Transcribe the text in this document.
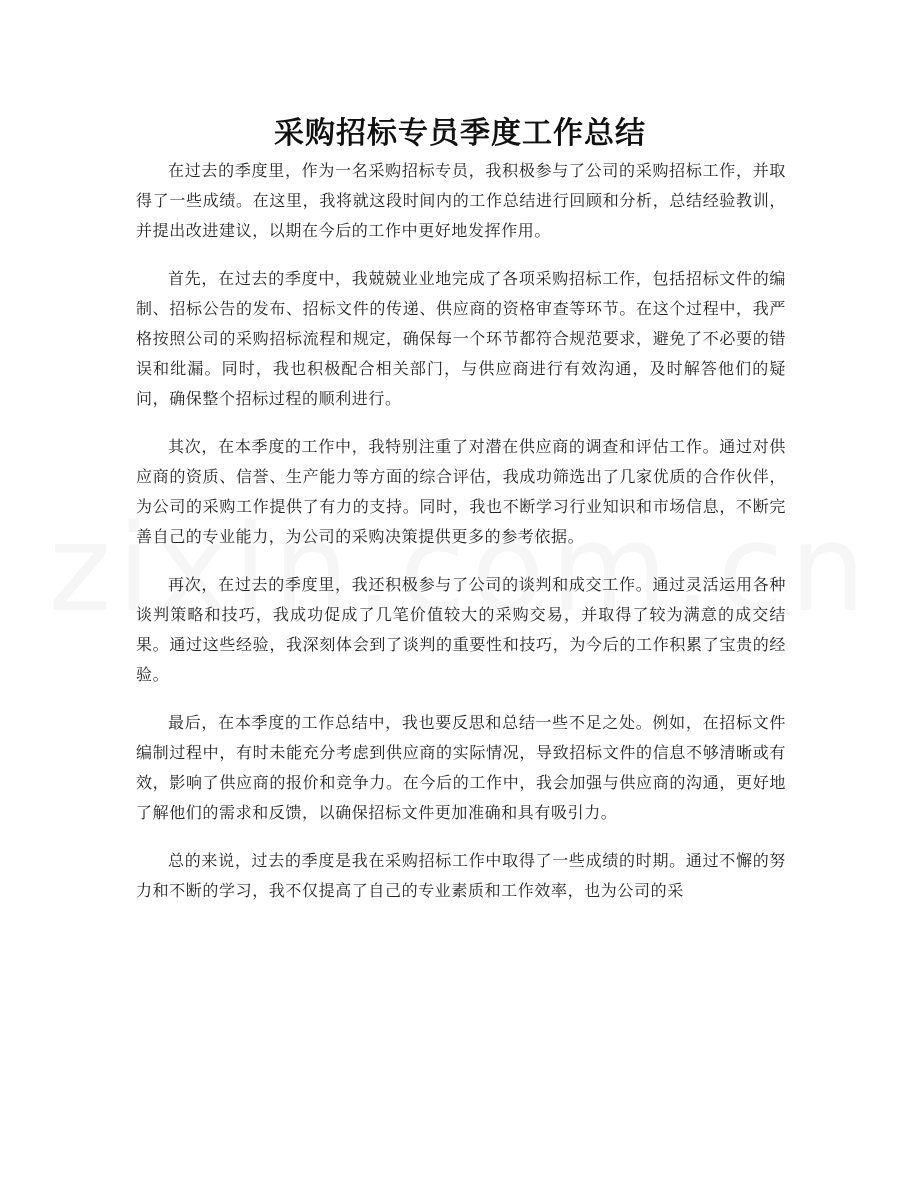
采购招标专员季度工作总结

在过去的季度里，作为一名采购招标专员，我积极参与了公司的采购招标工作，并取得了一些成绩。在这里，我将就这段时间内的工作总结进行回顾和分析，总结经验教训，并提出改进建议，以期在今后的工作中更好地发挥作用。

首先，在过去的季度中，我兢兢业业地完成了各项采购招标工作，包括招标文件的编制、招标公告的发布、招标文件的传递、供应商的资格审查等环节。在这个过程中，我严格按照公司的采购招标流程和规定，确保每一个环节都符合规范要求，避免了不必要的错误和纰漏。同时，我也积极配合相关部门，与供应商进行有效沟通，及时解答他们的疑问，确保整个招标过程的顺利进行。

其次，在本季度的工作中，我特别注重了对潜在供应商的调查和评估工作。通过对供应商的资质、信誉、生产能力等方面的综合评估，我成功筛选出了几家优质的合作伙伴，为公司的采购工作提供了有力的支持。同时，我也不断学习行业知识和市场信息，不断完善自己的专业能力，为公司的采购决策提供更多的参考依据。

再次，在过去的季度里，我还积极参与了公司的谈判和成交工作。通过灵活运用各种谈判策略和技巧，我成功促成了几笔价值较大的采购交易，并取得了较为满意的成交结果。通过这些经验，我深刻体会到了谈判的重要性和技巧，为今后的工作积累了宝贵的经验。

最后，在本季度的工作总结中，我也要反思和总结一些不足之处。例如，在招标文件编制过程中，有时未能充分考虑到供应商的实际情况，导致招标文件的信息不够清晰或有效，影响了供应商的报价和竞争力。在今后的工作中，我会加强与供应商的沟通，更好地了解他们的需求和反馈，以确保招标文件更加准确和具有吸引力。

总的来说，过去的季度是我在采购招标工作中取得了一些成绩的时期。通过不懈的努力和不断的学习，我不仅提高了自己的专业素质和工作效率，也为公司的采
